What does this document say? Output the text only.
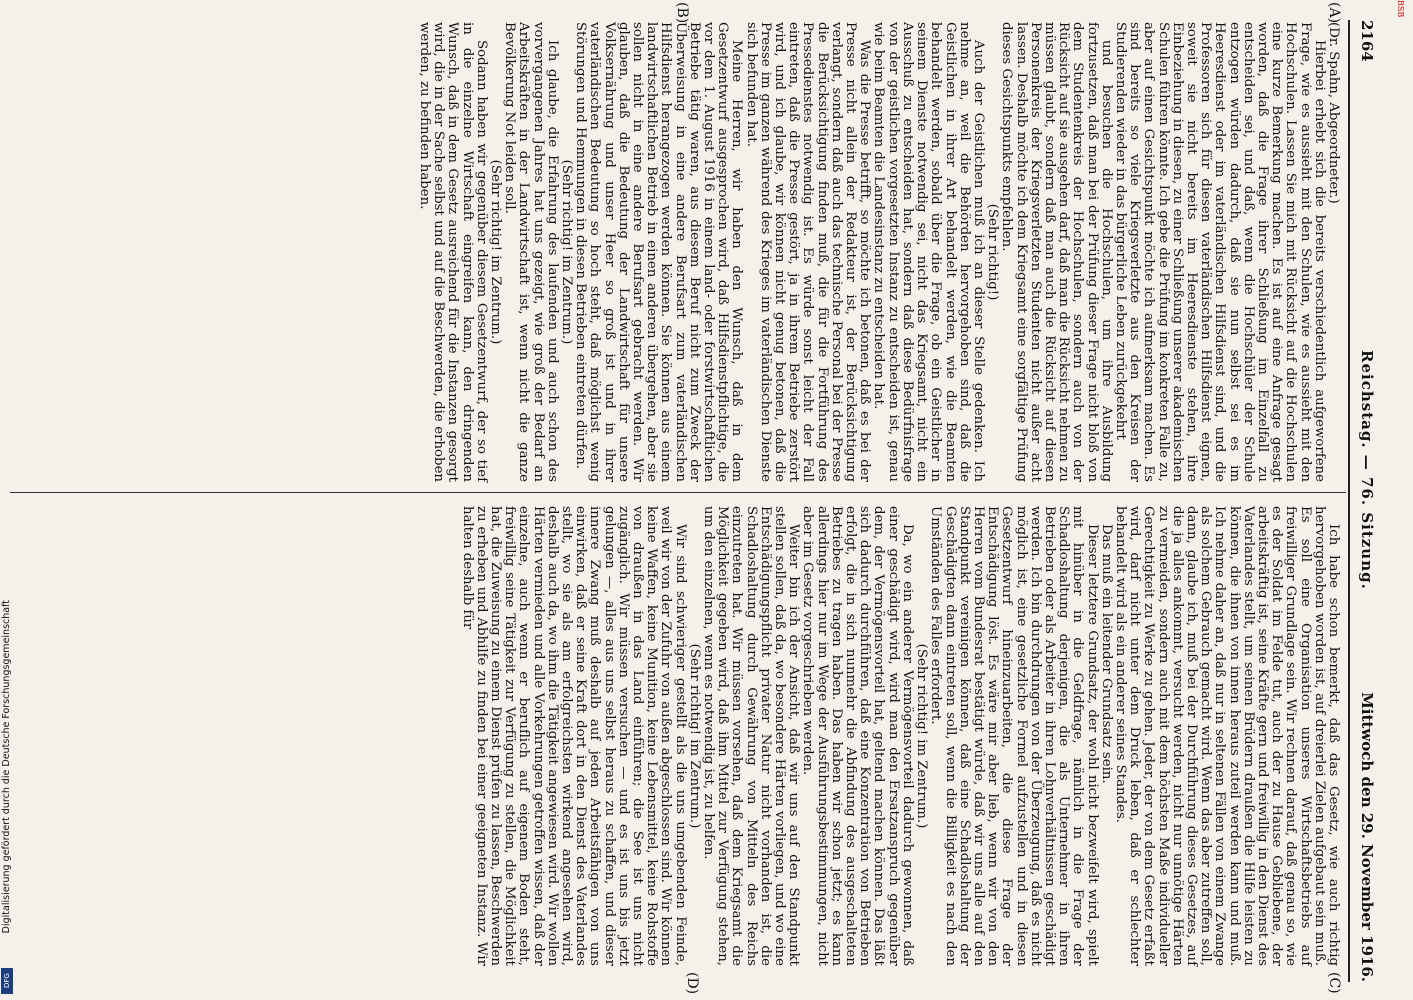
2164
Reichstag. — 76. Sitzung.
Mittwoch den 29. November 1916.
(A)
(B)
(C)
(D)

(Dr. Spahn, Abgeordneter.)

Hierbei erhebt sich die bereits verschiedentlich aufgeworfene Frage, wie es aussieht mit den Schulen, wie es aussieht mit den Hochschulen. Lassen Sie mich mit Rücksicht auf die Hochschulen eine kurze Bemerkung machen. Es ist auf eine Anfrage gesagt worden, daß die Frage ihrer Schließung im Einzelfall zu entscheiden sei, und daß, wenn die Hochschüler der Schule entzogen würden dadurch, daß sie nun selbst sei es im Heeresdienst oder im vaterländischen Hilfsdienst sind, und die Professoren sich für diesen vaterländischen Hilfsdienst eignen, soweit sie nicht bereits im Heeresdienste stehen, ihre Einbeziehung in diesen, zu einer Schließung unserer akademischen Schulen führen könnte. Ich gebe die Prüfung im konkreten Falle zu, aber auf einen Gesichtspunkt möchte ich aufmerksam machen. Es sind bereits so viele Kriegsverletzte aus den Kreisen der Studierenden wieder in das bürgerliche Leben zurückgekehrt

und besuchen die Hochschulen, um ihre Ausbildung fortzusetzen, daß man bei der Prüfung dieser Frage nicht bloß von dem Studentenkreis der Hochschulen, sondern auch von der Rücksicht auf sie ausgehen darf, daß man die Rücksicht nehmen zu müssen glaubt, sondern daß man auch die Rücksicht auf diesen Personenkreis der Kriegsverletzten Studenten nicht außer acht lassen. Deshalb möchte ich dem Kriegsamt eine sorgfältige Prüfung dieses Gesichtspunkts empfehlen.

(Sehr richtig!)

Auch der Geistlichen muß ich an dieser Stelle gedenken. Ich nehme an, weil die Behörden hervorgehoben sind, daß die Geistlichen in ihrer Art behandelt werden, wie die Beamten behandelt werden, sobald über die Frage, ob ein Geistlicher in seinem Dienste notwendig sei, nicht das Kriegsamt, nicht ein Ausschuß zu entscheiden hat, sondern daß diese Bedürfnisfrage von der geistlichen vorgesetzten Instanz zu entscheiden ist, genau wie beim Beamten die Landesinstanz zu entscheiden hat.

Was die Presse betrifft, so möchte ich betonen, daß es bei der Presse nicht allein der Redakteur ist, der Berücksichtigung verlangt, sondern daß auch das technische Personal bei der Presse die Berücksichtigung finden muß, die für die Fortführung des Pressedienstes notwendig ist. Es würde sonst leicht der Fall eintreten, daß die Presse gestört, ja in ihrem Betriebe zerstört wird, und ich glaube, wir können nicht genug betonen, daß die Presse im ganzen während des Krieges im vaterländischen Dienste sich befunden hat.

Meine Herren, wir haben den Wunsch, daß in dem Gesetzentwurf ausgesprochen wird, daß Hilfsdienstpflichtige, die vor dem 1. August 1916 in einem land- oder forstwirtschaftlichen Betriebe tätig waren, aus diesem Beruf nicht zum Zweck der Überweisung in eine andere Berufsart zum vaterländischen Hilfsdienst herangezogen werden können. Sie können aus einem landwirtschaftlichen Betrieb in einen anderen übergehen, aber sie sollen nicht in eine andere Berufsart gebracht werden. Wir glauben, daß die Bedeutung der Landwirtschaft für unsere Volksernährung und unser Heer so groß ist und in ihrer vaterländischen Bedeutung so hoch steht, daß möglichst wenig Störungen und Hemmungen in diesen Betrieben eintreten dürfen.

(Sehr richtig! im Zentrum.)

Ich glaube, die Erfahrung des laufenden und auch schon des vorvergangenen Jahres hat uns gezeigt, wie groß der Bedarf an Arbeitskräften in der Landwirtschaft ist, wenn nicht die ganze Bevölkerung Not leiden soll.

(Sehr richtig! im Zentrum.)

Sodann haben wir gegenüber diesem Gesetzentwurf, der so tief in die einzelne Wirtschaft eingreifen kann, den dringenden Wunsch, daß in dem Gesetz ausreichend für die Instanzen gesorgt wird, die in der Sache selbst und auf die Beschwerden, die erhoben werden, zu befinden haben.

Ich habe schon bemerkt, daß das Gesetz, wie auch richtig hervorgehoben worden ist, auf dreierlei Zielen aufgebaut sein muß. Es soll eine Organisation unseres Wirtschaftsbetriebs auf freiwilliger Grundlage sein. Wir rechnen darauf, daß genau so, wie es der Soldat im Felde tut, auch der zu Hause Gebliebene, der arbeitskräftig ist, seine Kräfte gern und freiwillig in den Dienst des Vaterlandes stellt, um seinen Brüdern draußen die Hilfe leisten zu können, die ihnen von innen heraus zuteil werden kann und muß. Ich nehme daher an, daß nur in seltenen Fällen von einem Zwange als solchem Gebrauch gemacht wird. Wenn das aber zutreffen soll, dann, glaube ich, muß bei der Durchführung dieses Gesetzes, auf die ja alles ankommt, versucht werden, nicht nur unnötige Härten zu vermeiden, sondern auch mit dem höchsten Maße individueller Gerechtigkeit zu Werke zu gehen. Jeder, der von dem Gesetz erfaßt wird, darf nicht unter dem Druck leben, daß er schlechter behandelt wird als ein anderer seines Standes.

Das muß ein leitender Grundsatz sein.

Dieser letztere Grundsatz, der wohl nicht bezweifelt wird, spielt mit hinüber in die Geldfrage, nämlich in die Frage der Schadloshaltung derjenigen, die als Unternehmer in ihren Betrieben oder als Arbeiter in ihren Lohnverhältnissen geschädigt werden. Ich bin durchdrungen von der Überzeugung, daß es nicht möglich ist, eine gesetzliche Formel aufzustellen und in diesen Gesetzentwurf hineinzuarbeiten, die diese Frage der Entschädigung löst. Es wäre mir aber lieb, wenn wir von den Herren vom Bundesrat bestätigt würde, daß wir uns alle auf den Standpunkt vereinigen können, daß eine Schadloshaltung der Geschädigten dann eintreten soll, wenn die Billigkeit es nach den Umständen des Falles erfordert.

(Sehr richtig! im Zentrum.)

Da, wo ein anderer Vermögensvorteil dadurch gewonnen, daß einer geschädigt wird, wird man den Ersatzanspruch gegenüber dem, der Vermögensvorteil hat, geltend machen können. Das läßt sich dadurch durchführen, daß eine Konzentration von Betrieben erfolgt, die in sich nunmehr die Abfindung des ausgeschalteten Betriebes zu tragen haben. Das haben wir schon jetzt; es kann allerdings hier nur im Wege der Ausführungsbestimmungen, nicht aber im Gesetz vorgeschrieben werden.

Weiter bin ich der Ansicht, daß wir uns auf den Standpunkt stellen sollen, daß da, wo besondere Härten vorliegen, und wo eine Entschädigungspflicht privater Natur nicht vorhanden ist, die Schadloshaltung durch Gewährung von Mitteln des Reichs einzutreten hat. Wir müssen vorsehen, daß dem Kriegsamt die Möglichkeit gegeben wird, daß ihm Mittel zur Verfügung stehen, um den einzelnen, wenn es notwendig ist, zu helfen.

(Sehr richtig! im Zentrum.)

Wir sind schwieriger gestellt als die uns umgebenden Feinde, weil wir von der Zufuhr von außen abgeschlossen sind. Wir können keine Waffen, keine Munition, keine Lebensmittel, keine Rohstoffe von draußen in das Land einführen; die See ist uns nicht zugänglich. Wir müssen versuchen — und es ist uns bis jetzt gelungen —, alles aus uns selbst heraus zu schaffen, und dieser innere Zwang muß deshalb auf jeden Arbeitsfähigen von uns einwirken, daß er seine Kraft dort in den Dienst des Vaterlandes stellt, wo sie als am erfolgreichsten wirkend angesehen wird, deshalb auch da, wo ihm die Tätigkeit angewiesen wird. Wir wollen Härten vermieden und alle Vorkehrungen getroffen wissen, daß der einzelne, auch wenn er beruflich auf eigenem Boden steht, freiwillig seine Tätigkeit zur Verfügung zu stellen, die Möglichkeit hat, die Zuweisung zu einem Dienst prüfen zu lassen, Beschwerden zu erheben und Abhilfe zu finden bei einer geeigneten Instanz. Wir halten deshalb für

BSB
Digitalisierung gefördert durch die Deutsche Forschungsgemeinschaft
DFG
